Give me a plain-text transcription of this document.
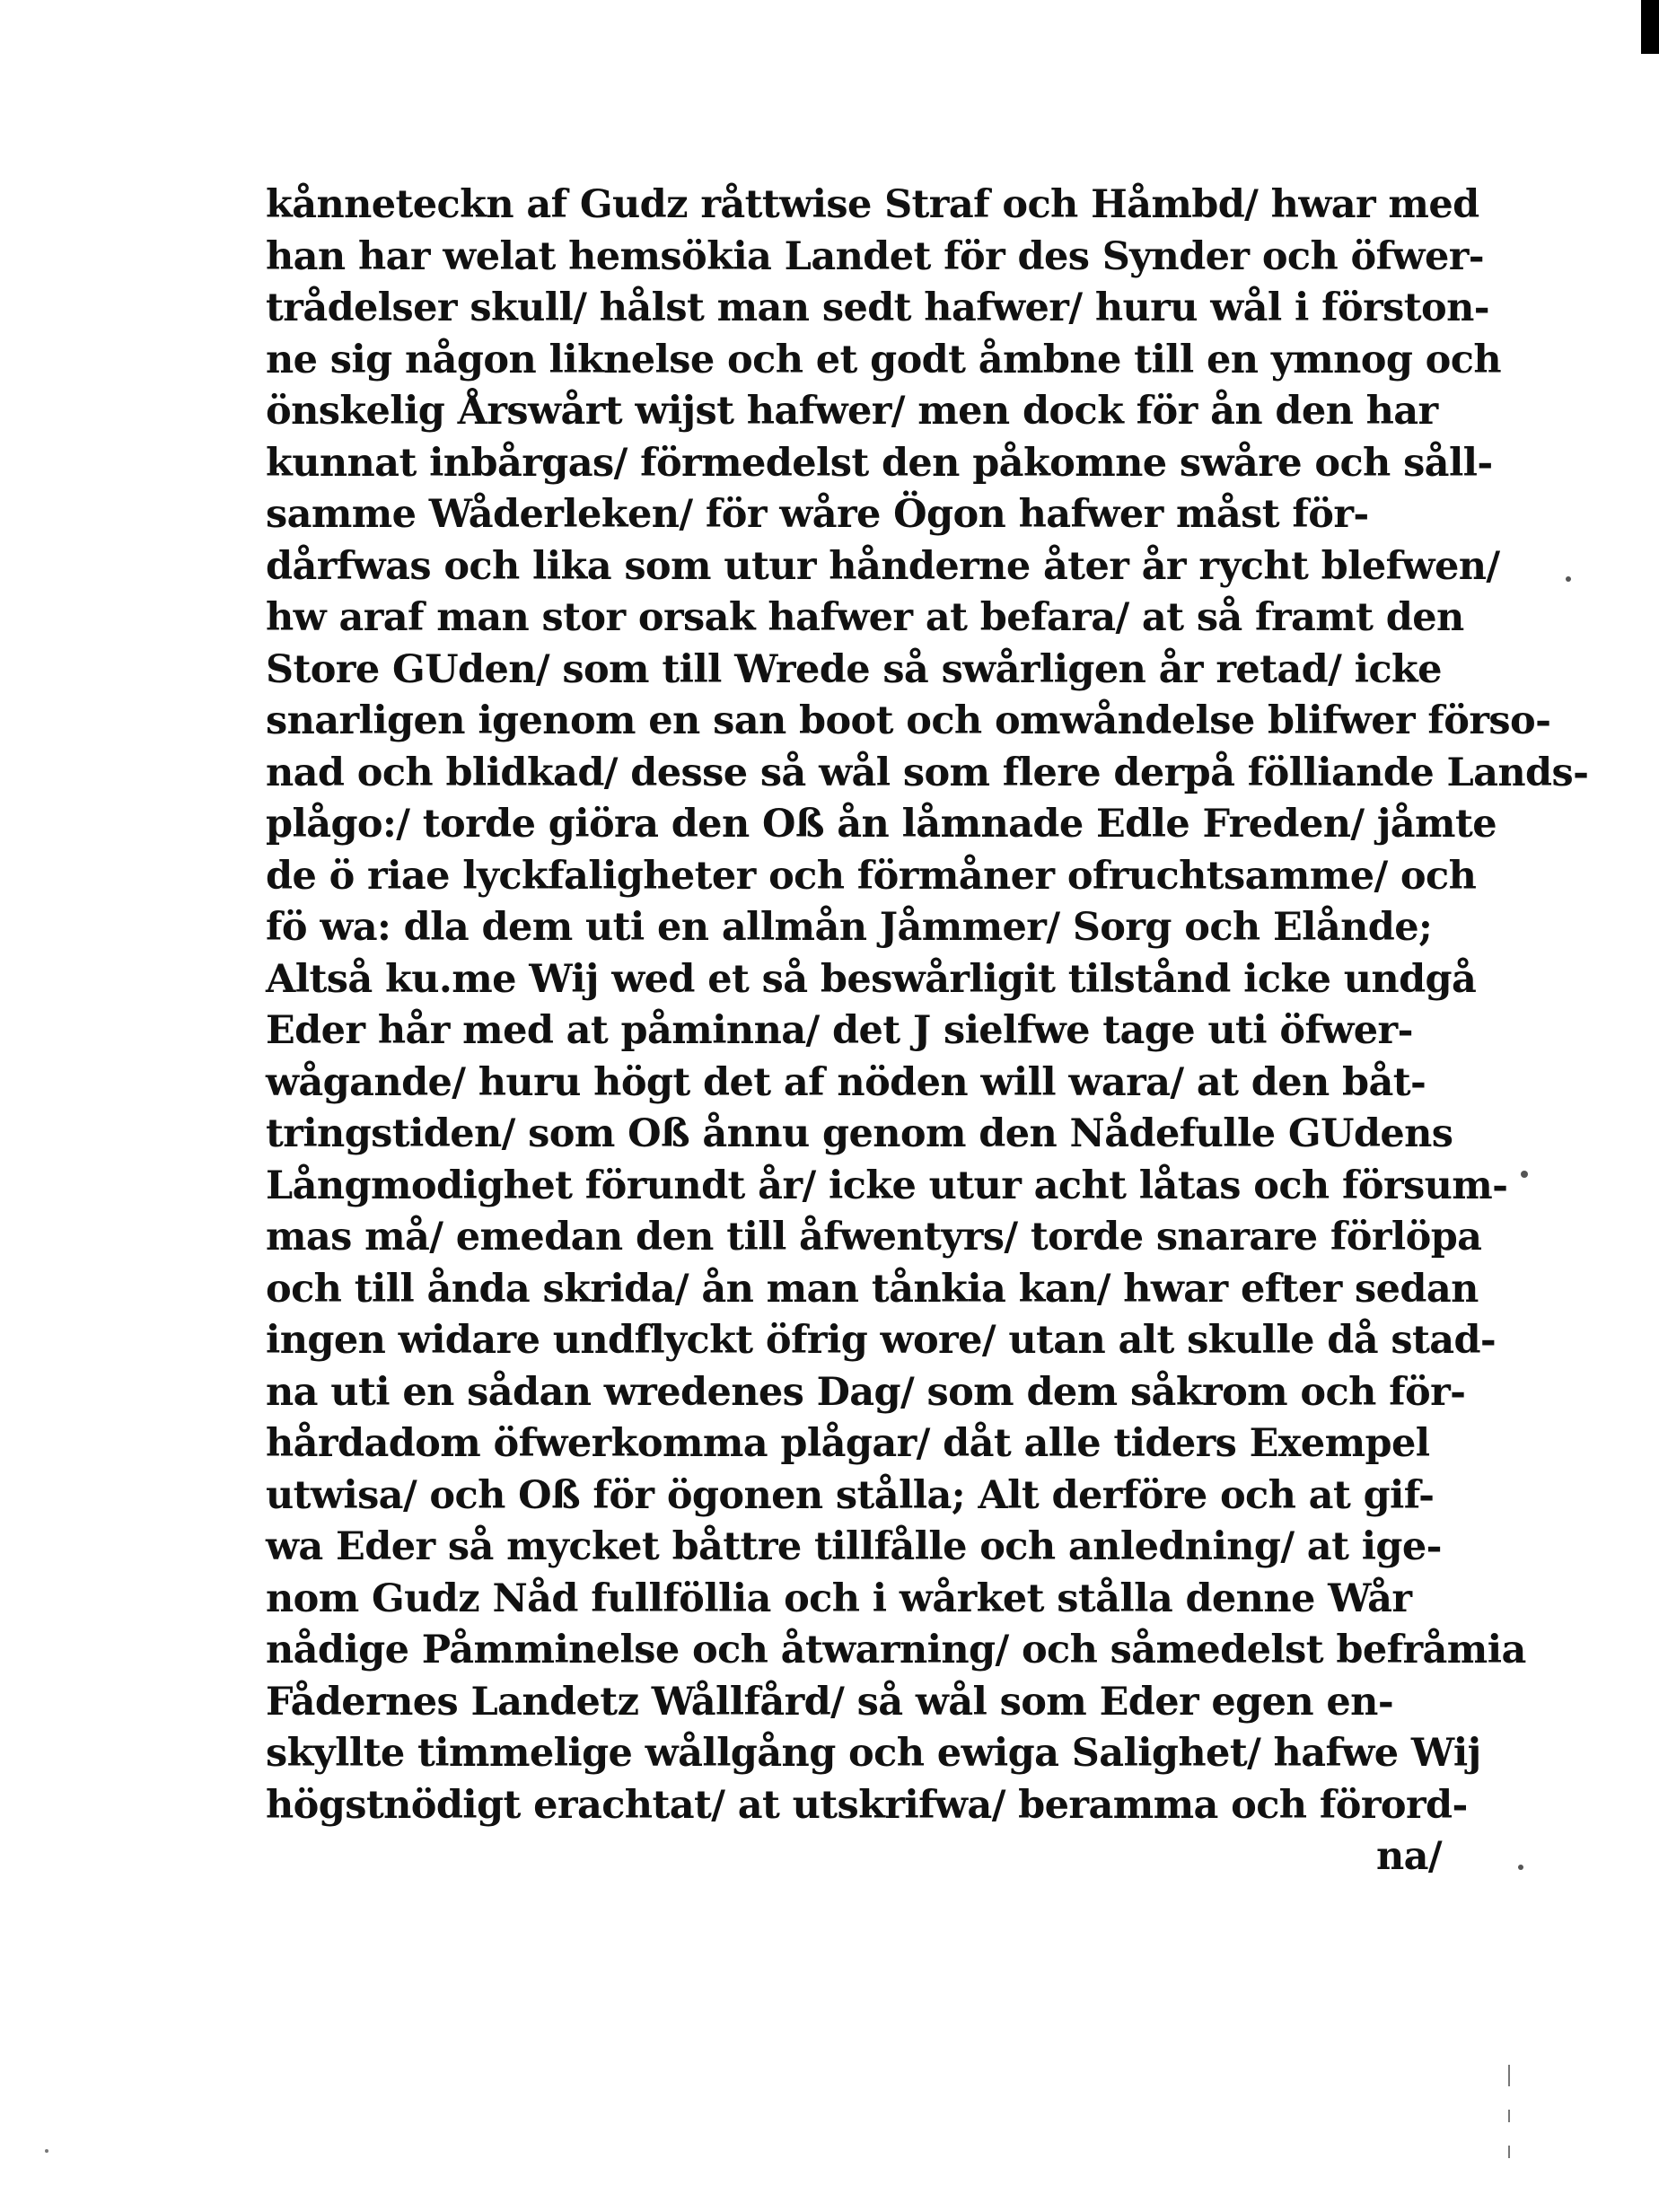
kånneteckn af Gudz råttwise Straf och Håmbd/ hwar med
han har welat hemsökia Landet för des Synder och öfwer-
trådelser skull/ hålst man sedt hafwer/ huru wål i förston-
ne sig någon liknelse och et godt åmbne till en ymnog och
önskelig Årswårt wijst hafwer/ men dock för ån den har
kunnat inbårgas/ förmedelst den påkomne swåre och såll-
samme Wåderleken/ för wåre Ögon hafwer måst för-
dårfwas och lika som utur hånderne åter år rycht blefwen/
hw araf man stor orsak hafwer at befara/ at så framt den
Store GUden/ som till Wrede så swårligen år retad/ icke
snarligen igenom en san boot och omwåndelse blifwer förso-
nad och blidkad/ desse så wål som flere derpå fölliande Lands-
plågo:/ torde giöra den Oß ån låmnade Edle Freden/ jåmte
de ö riae lyckfaligheter och förmåner ofruchtsamme/ och
fö wa: dla dem uti en allmån Jåmmer/ Sorg och Elånde;
Altså ku.me Wij wed et så beswårligit tilstånd icke undgå
Eder hår med at påminna/ det J sielfwe tage uti öfwer-
wågande/ huru högt det af nöden will wara/ at den båt-
tringstiden/ som Oß ånnu genom den Nådefulle GUdens
Långmodighet förundt år/ icke utur acht låtas och försum-
mas må/ emedan den till åfwentyrs/ torde snarare förlöpa
och till ånda skrida/ ån man tånkia kan/ hwar efter sedan
ingen widare undflyckt öfrig wore/ utan alt skulle då stad-
na uti en sådan wredenes Dag/ som dem såkrom och för-
hårdadom öfwerkomma plågar/ dåt alle tiders Exempel
utwisa/ och Oß för ögonen stålla; Alt derföre och at gif-
wa Eder så mycket båttre tillfålle och anledning/ at ige-
nom Gudz Nåd fullföllia och i wårket stålla denne Wår
nådige Påmminelse och åtwarning/ och såmedelst befråmia
Fådernes Landetz Wållfård/ så wål som Eder egen en-
skyllte timmelige wållgång och ewiga Salighet/ hafwe Wij
högstnödigt erachtat/ at utskrifwa/ beramma och förord-
na/
